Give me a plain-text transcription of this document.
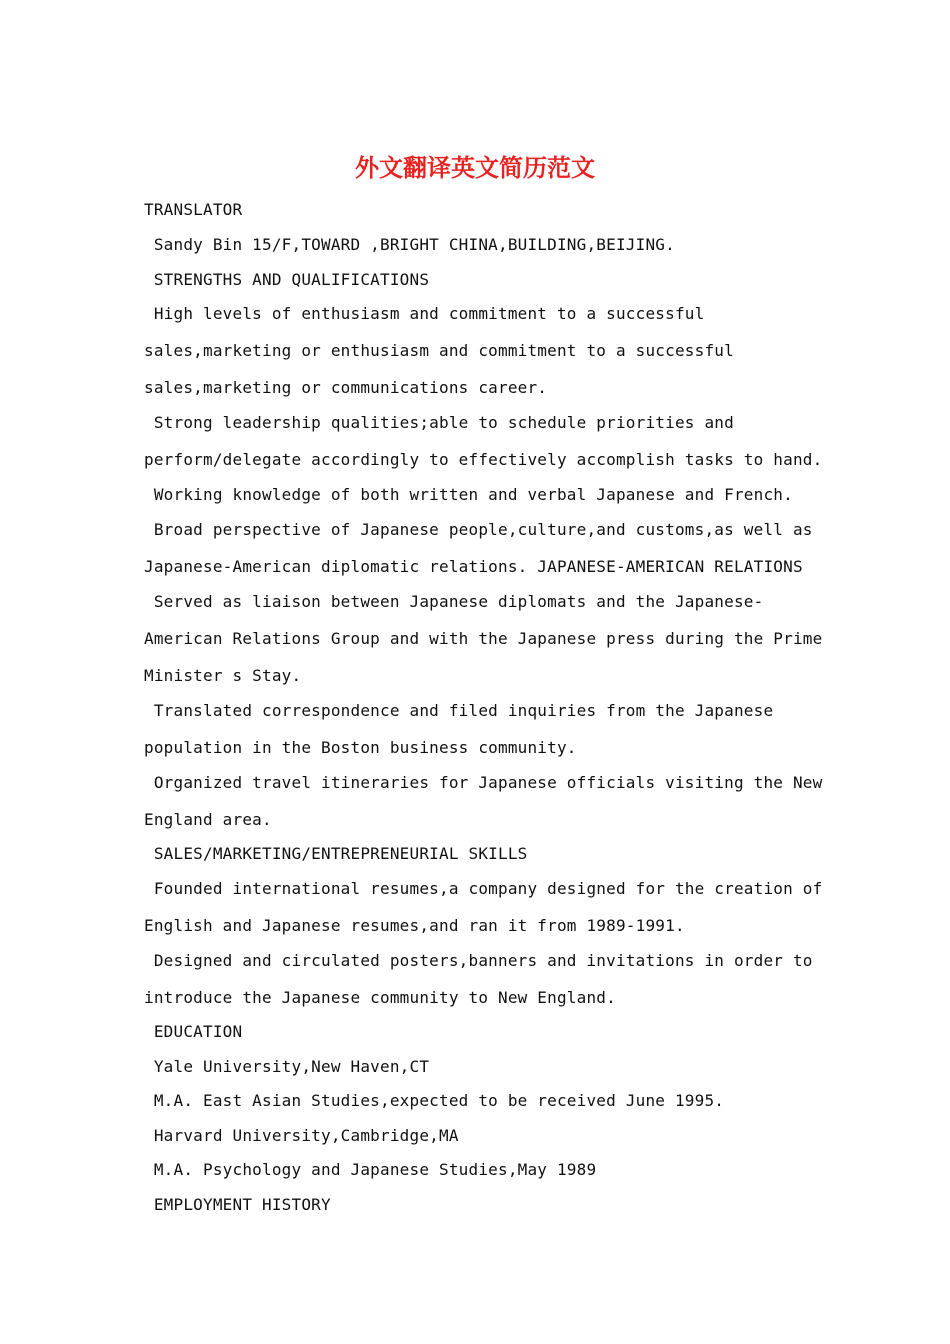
外文翻译英文简历范文
TRANSLATOR
Sandy Bin 15/F,TOWARD ,BRIGHT CHINA,BUILDING,BEIJING.
STRENGTHS AND QUALIFICATIONS
High levels of enthusiasm and commitment to a successful
sales,marketing or enthusiasm and commitment to a successful
sales,marketing or communications career.
Strong leadership qualities;able to schedule priorities and
perform/delegate accordingly to effectively accomplish tasks to hand.
Working knowledge of both written and verbal Japanese and French.
Broad perspective of Japanese people,culture,and customs,as well as
Japanese-American diplomatic relations. JAPANESE-AMERICAN RELATIONS
Served as liaison between Japanese diplomats and the Japanese-
American Relations Group and with the Japanese press during the Prime
Minister s Stay.
Translated correspondence and filed inquiries from the Japanese
population in the Boston business community.
Organized travel itineraries for Japanese officials visiting the New
England area.
SALES/MARKETING/ENTREPRENEURIAL SKILLS
Founded international resumes,a company designed for the creation of
English and Japanese resumes,and ran it from 1989-1991.
Designed and circulated posters,banners and invitations in order to
introduce the Japanese community to New England.
EDUCATION
Yale University,New Haven,CT
M.A. East Asian Studies,expected to be received June 1995.
Harvard University,Cambridge,MA
M.A. Psychology and Japanese Studies,May 1989
EMPLOYMENT HISTORY
